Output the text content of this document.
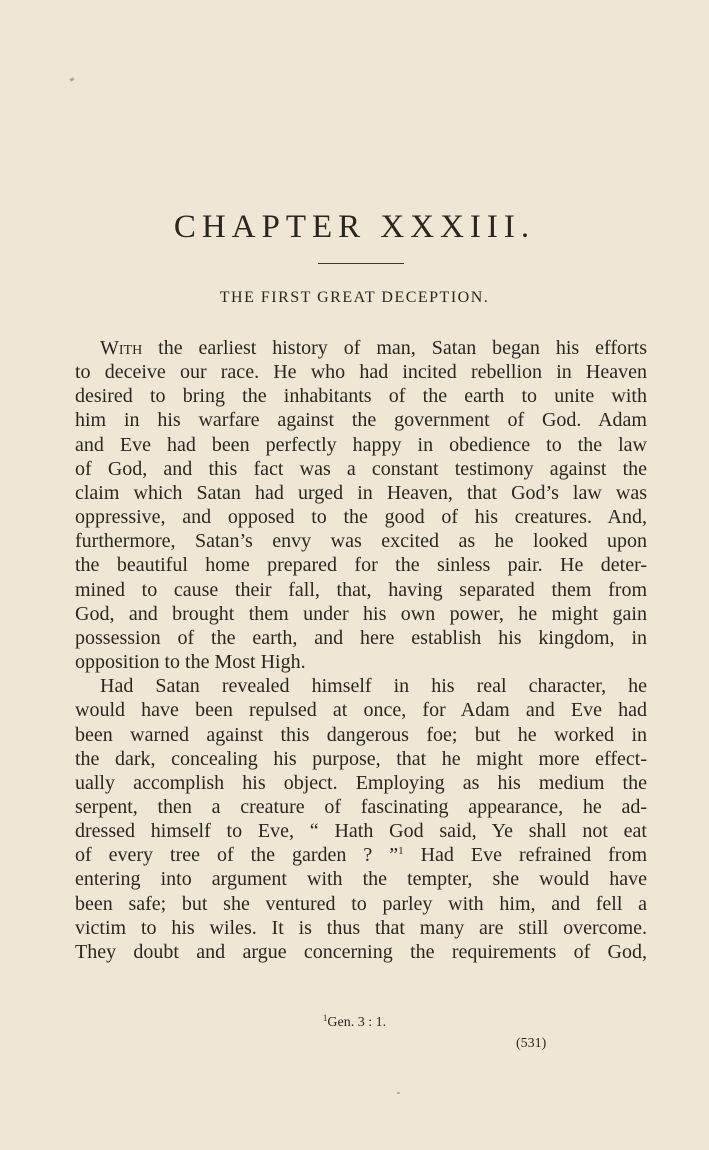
CHAPTER XXXIII.
THE FIRST GREAT DECEPTION.
With the earliest history of man, Satan began his efforts
to deceive our race. He who had incited rebellion in Heaven
desired to bring the inhabitants of the earth to unite with
him in his warfare against the government of God. Adam
and Eve had been perfectly happy in obedience to the law
of God, and this fact was a constant testimony against the
claim which Satan had urged in Heaven, that God’s law was
oppressive, and opposed to the good of his creatures. And,
furthermore, Satan’s envy was excited as he looked upon
the beautiful home prepared for the sinless pair. He deter-
mined to cause their fall, that, having separated them from
God, and brought them under his own power, he might gain
possession of the earth, and here establish his kingdom, in
opposition to the Most High.
Had Satan revealed himself in his real character, he
would have been repulsed at once, for Adam and Eve had
been warned against this dangerous foe; but he worked in
the dark, concealing his purpose, that he might more effect-
ually accomplish his object. Employing as his medium the
serpent, then a creature of fascinating appearance, he ad-
dressed himself to Eve, “ Hath God said, Ye shall not eat
of every tree of the garden ? ”$^1$ Had Eve refrained from
entering into argument with the tempter, she would have
been safe; but she ventured to parley with him, and fell a
victim to his wiles. It is thus that many are still overcome.
They doubt and argue concerning the requirements of God,

$^1$Gen. 3 : 1.

(531)
